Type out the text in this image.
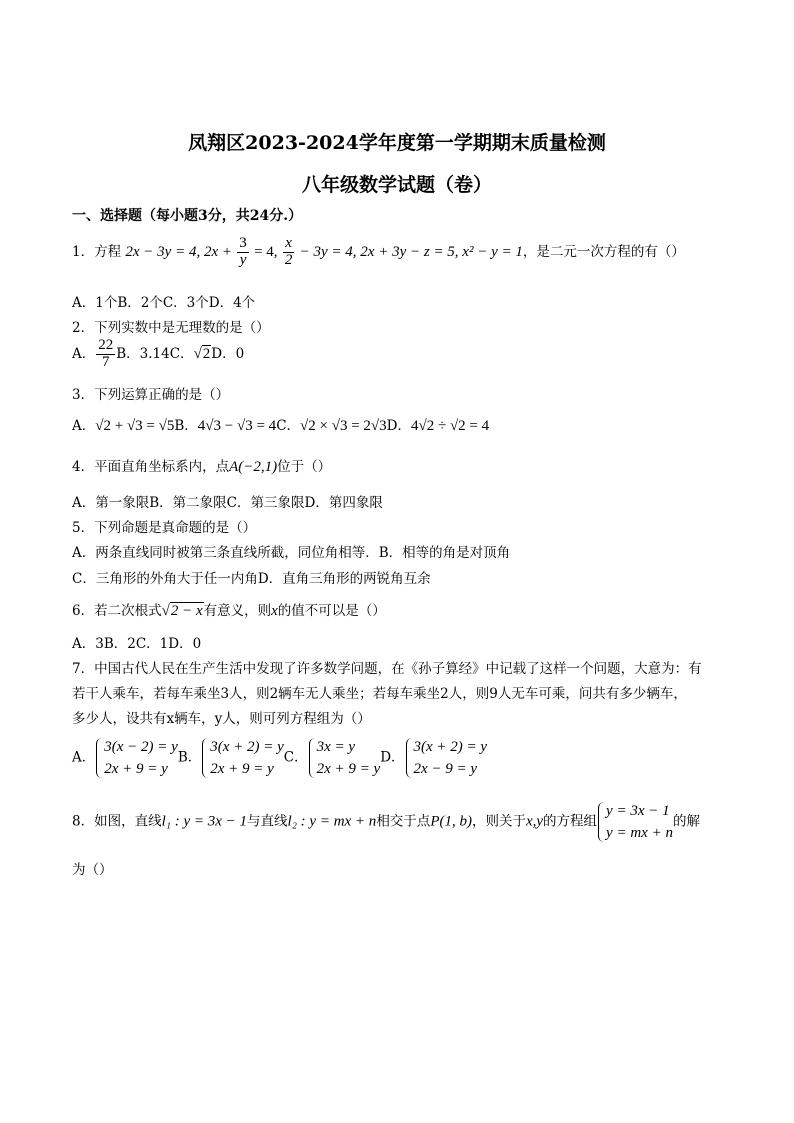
凤翔区2023-2024学年度第一学期期末质量检测
八年级数学试题（卷）
一、选择题（每小题3分，共24分.）
1．方程 2x − 3y = 4, $2x + \frac{3}{y} = 4$, $\frac{x}{2} - 3y = 4$, 2x + 3y − z = 5, x² − y = 1，是二元一次方程的有（）
A．1个B．2个C．3个D．4个
2．下列实数中是无理数的是（）
A． $\frac{22}{7}$ B．3.14C．√2D．0
3．下列运算正确的是（）
A．√2 + √3 = √5B．4√3 − √3 = 4C．√2 × √3 = 2√3D．4√2 ÷ √2 = 4
4．平面直角坐标系内，点A(−2,1)位于（）
A．第一象限B．第二象限C．第三象限D．第四象限
5．下列命题是真命题的是（）
A．两条直线同时被第三条直线所截，同位角相等．B．相等的角是对顶角
C．三角形的外角大于任一内角D．直角三角形的两锐角互余
6．若二次根式√2 − x有意义，则x的值不可以是（）
A．3B．2C．1D．0
7．中国古代人民在生产生活中发现了许多数学问题，在《孙子算经》中记载了这样一个问题，大意为：有
若干人乘车，若每车乘坐3人，则2辆车无人乘坐；若每车乘坐2人，则9人无车可乘，问共有多少辆车，
多少人，设共有x辆车，y人，则可列方程组为（）
A．
3(x − 2) = y
2x + 9 = y
B．
3(x + 2) = y
2x + 9 = y
C．
3x = y
2x + 9 = y
D．
3(x + 2) = y
2x − 9 = y
8．如图，直线l₁ : y = 3x − 1与直线l₂ : y = mx + n相交于点P(1, b)，则关于x,y的方程组
y = 3x − 1
y = mx + n
的解
为（）
